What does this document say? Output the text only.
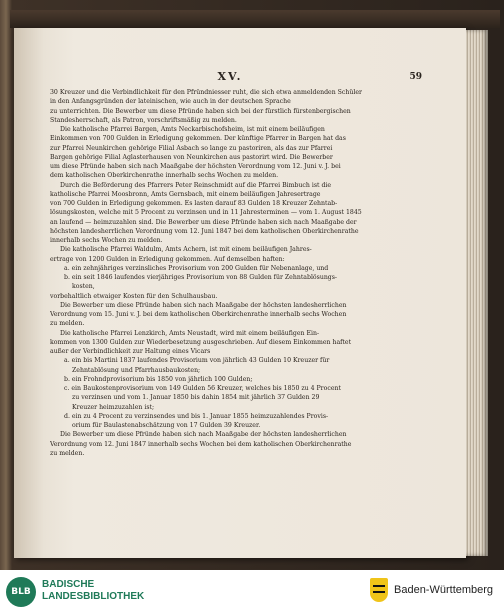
XV.	59
30 Kreuzer und die Verbindlichkeit für den Pfründniesser ruht, die sich etwa anmeldenden Schüler
in den Anfangsgründen der lateinischen, wie auch in der deutschen Sprache
zu unterrichten. Die Bewerber um diese Pfründe haben sich bei der fürstlich fürstenbergischen
Standesherrschaft, als Patron, vorschriftsmäßig zu melden.
Die katholische Pfarrei Bargen, Amts Neckarbischofsheim, ist mit einem beiläufigen
Einkommen von 700 Gulden in Erledigung gekommen. Der künftige Pfarrer in Bargen hat das
zur Pfarrei Neunkirchen gehörige Filial Asbach so lange zu pastoriren, als das zur Pfarrei
Bargen gehörige Filial Aglasterhausen von Neunkirchen aus pastorirt wird. Die Bewerber
um diese Pfründe haben sich nach Maaßgabe der höchsten Verordnung vom 12. Juni v. J. bei
dem katholischen Oberkirchenrathe innerhalb sechs Wochen zu melden.
Durch die Beförderung des Pfarrers Peter Reinschmidt auf die Pfarrei Bimbuch ist die
katholische Pfarrei Moosbronn, Amts Gernsbach, mit einem beiläufigen Jahresertrage
von 700 Gulden in Erledigung gekommen. Es lasten darauf 83 Gulden 18 Kreuzer Zehntab-
lösungskosten, welche mit 5 Procent zu verzinsen und in 11 Jahresterminen — vom 1. August 1845
an laufend — heimzuzahlen sind. Die Bewerber um diese Pfründe haben sich nach Maaßgabe der
höchsten landesherrlichen Verordnung vom 12. Juni 1847 bei dem katholischen Oberkirchenrathe
innerhalb sechs Wochen zu melden.
Die katholische Pfarrei Waldulm, Amts Achern, ist mit einem beiläufigen Jahres-
ertrage von 1200 Gulden in Erledigung gekommen. Auf demselben haften:
a. ein zehnjähriges verzinsliches Provisorium von 200 Gulden für Nebenanlage, und
b. ein seit 1846 laufendes vierjähriges Provisorium von 88 Gulden für Zehntablösungs-
kosten,
vorbehaltlich etwaiger Kosten für den Schulhausbau.
Die Bewerber um diese Pfründe haben sich nach Maaßgabe der höchsten landesherrlichen
Verordnung vom 15. Juni v. J. bei dem katholischen Oberkirchenrathe innerhalb sechs Wochen
zu melden.
Die katholische Pfarrei Lenzkirch, Amts Neustadt, wird mit einem beiläufigen Ein-
kommen von 1300 Gulden zur Wiederbesetzung ausgeschrieben. Auf diesem Einkommen haftet
außer der Verbindlichkeit zur Haltung eines Vicars
a. ein bis Martini 1837 laufendes Provisorium von jährlich 43 Gulden 10 Kreuzer für
Zehntablösung und Pfarrhausbaukosten;
b. ein Frohndprovisorium bis 1850 von jährlich 100 Gulden;
c. ein Baukostenprovisorium von 149 Gulden 56 Kreuzer, welches bis 1850 zu 4 Procent
zu verzinsen und vom 1. Januar 1850 bis dahin 1854 mit jährlich 37 Gulden 29
Kreuzer heimzuzahlen ist;
d. ein zu 4 Procent zu verzinsendes und bis 1. Januar 1855 heimzuzahlendes Provis-
orium für Baulastenabschätzung von 17 Gulden 39 Kreuzer.
Die Bewerber um diese Pfründe haben sich nach Maaßgabe der höchsten landesherrlichen
Verordnung vom 12. Juni 1847 innerhalb sechs Wochen bei dem katholischen Oberkirchenrathe
zu melden.
BLB
BADISCHE
LANDESBIBLIOTHEK
Baden-Württemberg
